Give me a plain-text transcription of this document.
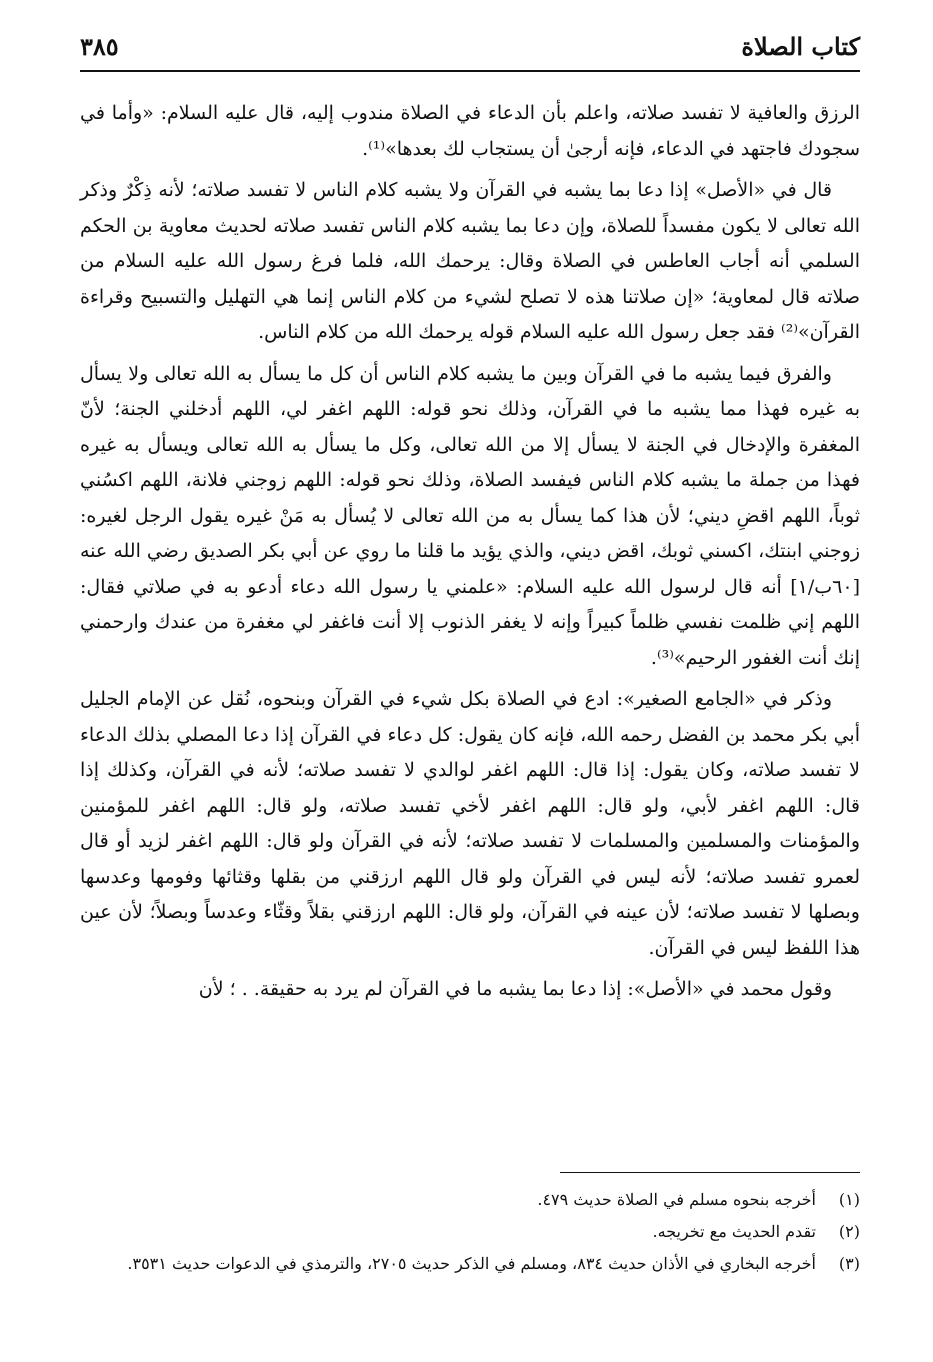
كتاب الصلاة
٣٨٥

الرزق والعافية لا تفسد صلاته، واعلم بأن الدعاء في الصلاة مندوب إليه، قال عليه السلام: «وأما في سجودك فاجتهد في الدعاء، فإنه أرجىٰ أن يستجاب لك بعدها»⁽¹⁾.

قال في «الأصل» إذا دعا بما يشبه في القرآن ولا يشبه كلام الناس لا تفسد صلاته؛ لأنه ذِكْرٌ وذكر الله تعالى لا يكون مفسداً للصلاة، وإن دعا بما يشبه كلام الناس تفسد صلاته لحديث معاوية بن الحكم السلمي أنه أجاب العاطس في الصلاة وقال: يرحمك الله، فلما فرغ رسول الله عليه السلام من صلاته قال لمعاوية؛ «إن صلاتنا هذه لا تصلح لشيء من كلام الناس إنما هي التهليل والتسبيح وقراءة القرآن»⁽²⁾ فقد جعل رسول الله عليه السلام قوله يرحمك الله من كلام الناس.

والفرق فيما يشبه ما في القرآن وبين ما يشبه كلام الناس أن كل ما يسأل به الله تعالى ولا يسأل به غيره فهذا مما يشبه ما في القرآن، وذلك نحو قوله: اللهم اغفر لي، اللهم أدخلني الجنة؛ لأنّ المغفرة والإدخال في الجنة لا يسأل إلا من الله تعالى، وكل ما يسأل به الله تعالى ويسأل به غيره فهذا من جملة ما يشبه كلام الناس فيفسد الصلاة، وذلك نحو قوله: اللهم زوجني فلانة، اللهم اكسُني ثوباً، اللهم اقضِ ديني؛ لأن هذا كما يسأل به من الله تعالى لا يُسأل به مَنْ غيره يقول الرجل لغيره: زوجني ابنتك، اكسني ثوبك، اقض ديني، والذي يؤيد ما قلنا ما روي عن أبي بكر الصديق رضي الله عنه [٦٠ب/١] أنه قال لرسول الله عليه السلام: «علمني يا رسول الله دعاء أدعو به في صلاتي فقال: اللهم إني ظلمت نفسي ظلماً كبيراً وإنه لا يغفر الذنوب إلا أنت فاغفر لي مغفرة من عندك وارحمني إنك أنت الغفور الرحيم»⁽³⁾.

وذكر في «الجامع الصغير»: ادع في الصلاة بكل شيء في القرآن وبنحوه، نُقل عن الإمام الجليل أبي بكر محمد بن الفضل رحمه الله، فإنه كان يقول: كل دعاء في القرآن إذا دعا المصلي بذلك الدعاء لا تفسد صلاته، وكان يقول: إذا قال: اللهم اغفر لوالدي لا تفسد صلاته؛ لأنه في القرآن، وكذلك إذا قال: اللهم اغفر لأبي، ولو قال: اللهم اغفر لأخي تفسد صلاته، ولو قال: اللهم اغفر للمؤمنين والمؤمنات والمسلمين والمسلمات لا تفسد صلاته؛ لأنه في القرآن ولو قال: اللهم اغفر لزيد أو قال لعمرو تفسد صلاته؛ لأنه ليس في القرآن ولو قال اللهم ارزقني من بقلها وقثائها وفومها وعدسها وبصلها لا تفسد صلاته؛ لأن عينه في القرآن، ولو قال: اللهم ارزقني بقلاً وقثّاء وعدساً وبصلاً؛ لأن عين هذا اللفظ ليس في القرآن.

وقول محمد في «الأصل»: إذا دعا بما يشبه ما في القرآن لم يرد به حقيقة. . ؛ لأن

(١)
أخرجه بنحوه مسلم في الصلاة حديث ٤٧٩.
(٢)
تقدم الحديث مع تخريجه.
(٣)
أخرجه البخاري في الأذان حديث ٨٣٤، ومسلم في الذكر حديث ٢٧٠٥، والترمذي في الدعوات حديث ٣٥٣١.
